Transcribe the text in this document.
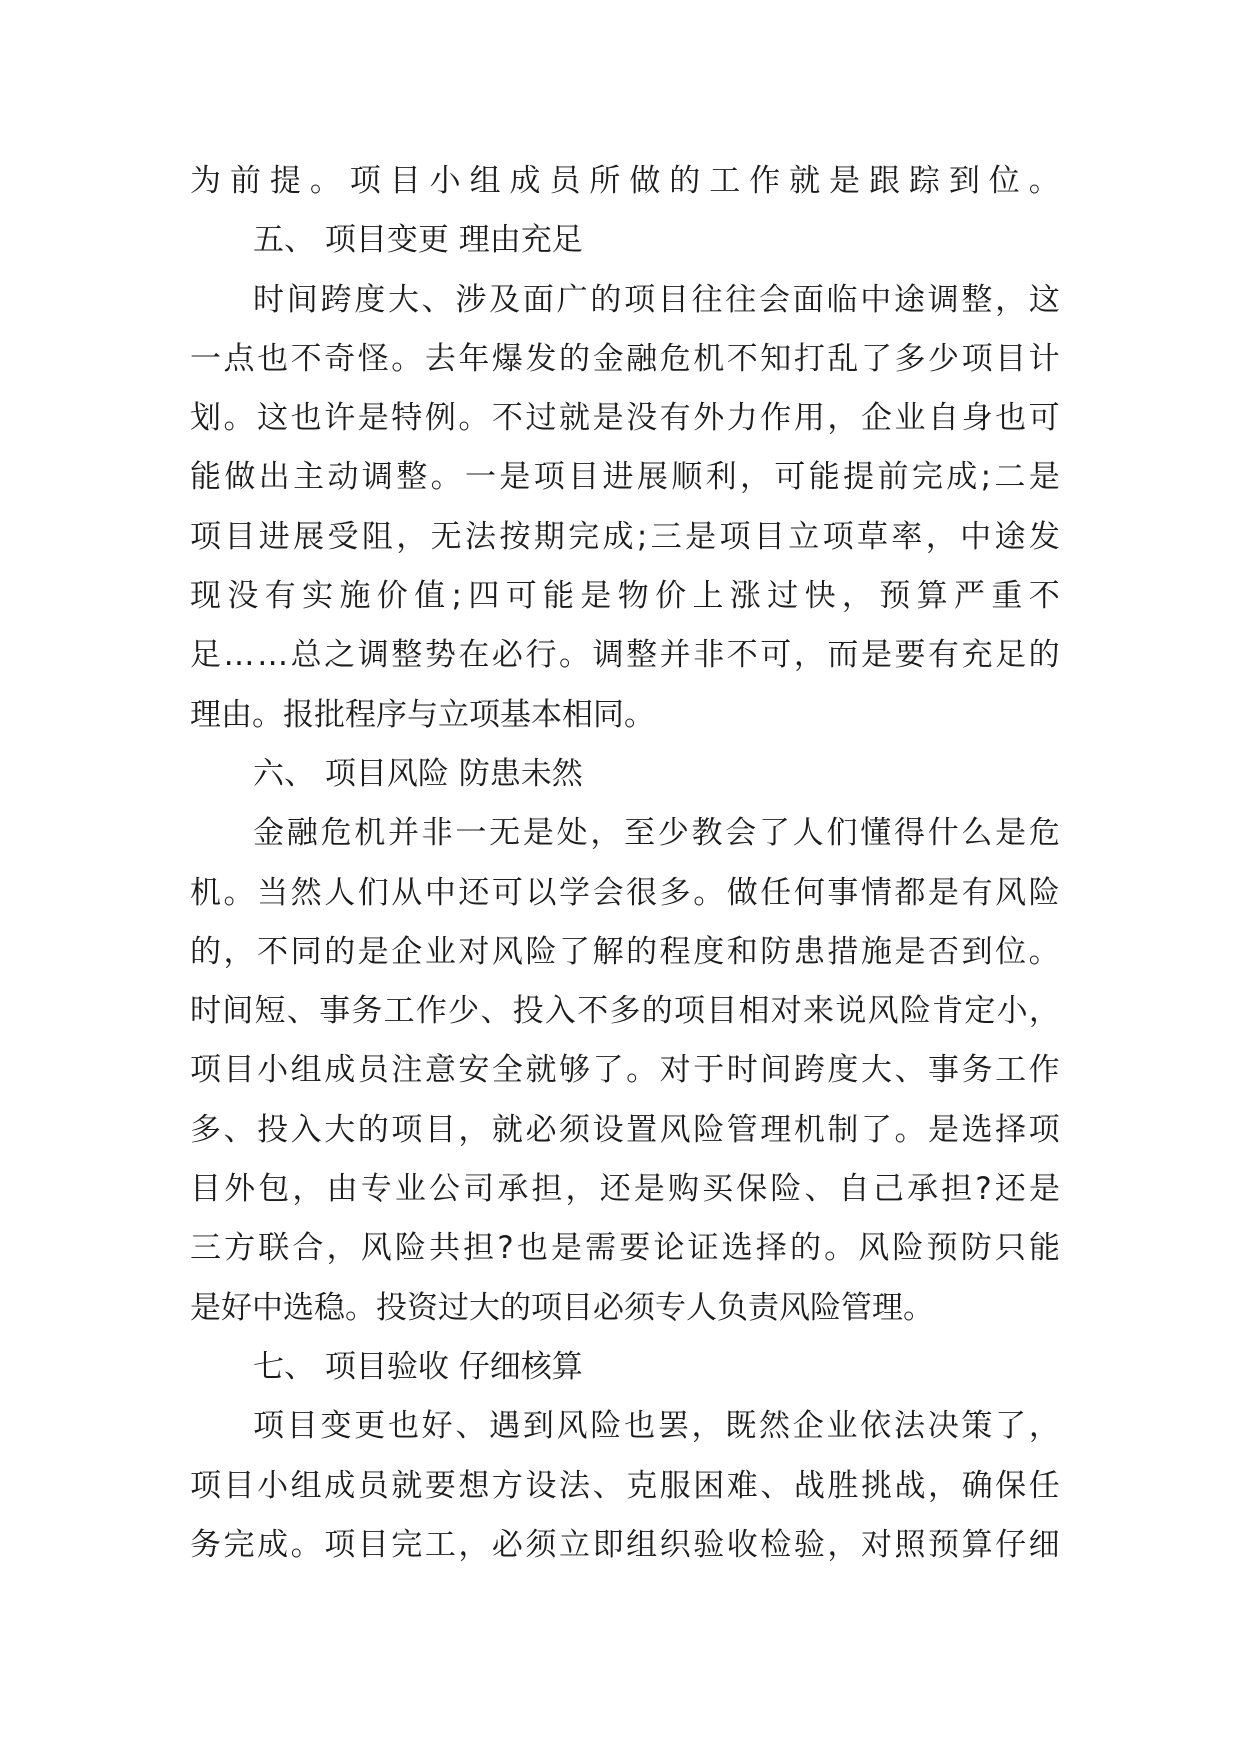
为 前 提 。 项 目 小 组 成 员 所 做 的 工 作 就 是 跟 踪 到 位 。
五、 项目变更 理由充足
时 间 跨 度 大 、 涉 及 面 广 的 项 目 往 往 会 面 临 中 途 调 整 ， 这
一 点 也 不 奇 怪 。 去 年 爆 发 的 金 融 危 机 不 知 打 乱 了 多 少 项 目 计
划 。 这 也 许 是 特 例 。 不 过 就 是 没 有 外 力 作 用 ， 企 业 自 身 也 可
能 做 出 主 动 调 整 。 一 是 项 目 进 展 顺 利 ， 可 能 提 前 完 成 ; 二 是
项 目 进 展 受 阻 ， 无 法 按 期 完 成 ; 三 是 项 目 立 项 草 率 ， 中 途 发
现 没 有 实 施 价 值 ; 四 可 能 是 物 价 上 涨 过 快 ， 预 算 严 重 不
足 … … 总 之 调 整 势 在 必 行 。 调 整 并 非 不 可 ， 而 是 要 有 充 足 的
理由。报批程序与立项基本相同。
六、 项目风险 防患未然
金 融 危 机 并 非 一 无 是 处 ， 至 少 教 会 了 人 们 懂 得 什 么 是 危
机 。 当 然 人 们 从 中 还 可 以 学 会 很 多 。 做 任 何 事 情 都 是 有 风 险
的 ， 不 同 的 是 企 业 对 风 险 了 解 的 程 度 和 防 患 措 施 是 否 到 位 。
时 间 短 、 事 务 工 作 少 、 投 入 不 多 的 项 目 相 对 来 说 风 险 肯 定 小 ，
项 目 小 组 成 员 注 意 安 全 就 够 了 。 对 于 时 间 跨 度 大 、 事 务 工 作
多 、 投 入 大 的 项 目 ， 就 必 须 设 置 风 险 管 理 机 制 了 。 是 选 择 项
目 外 包 ， 由 专 业 公 司 承 担 ， 还 是 购 买 保 险 、 自 己 承 担 ? 还 是
三 方 联 合 ， 风 险 共 担 ? 也 是 需 要 论 证 选 择 的 。 风 险 预 防 只 能
是好中选稳。投资过大的项目必须专人负责风险管理。
七、 项目验收 仔细核算
项 目 变 更 也 好 、 遇 到 风 险 也 罢 ， 既 然 企 业 依 法 决 策 了 ，
项 目 小 组 成 员 就 要 想 方 设 法 、 克 服 困 难 、 战 胜 挑 战 ， 确 保 任
务 完 成 。 项 目 完 工 ， 必 须 立 即 组 织 验 收 检 验 ， 对 照 预 算 仔 细
